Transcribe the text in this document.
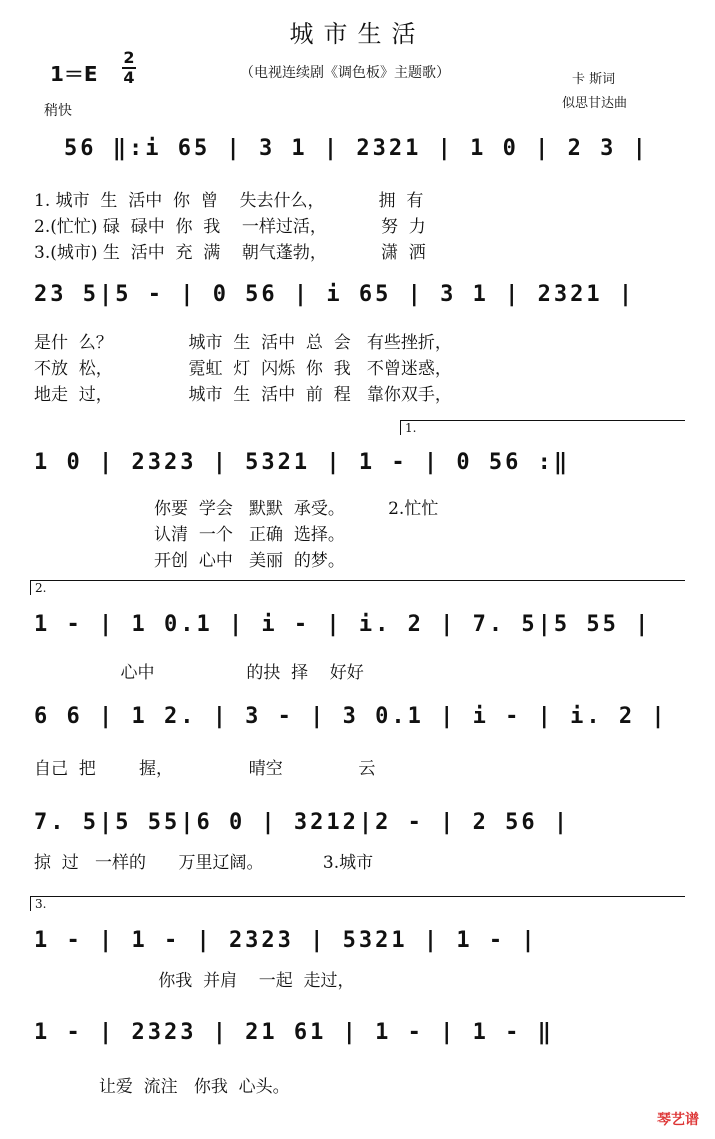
城市生活
1＝E
2
4	（电视连续剧《调色板》主题歌）	卡 斯词
似思甘达曲
稍快
56 ‖:i 65 | 3 1 | 2321 | 1 0 | 2 3 |
1. 城市  生  活中  你  曾    失去什么，          拥  有
2.(忙忙) 碌  碌中  你  我    一样过活，          努  力
3.(城市) 生  活中  充  满    朝气蓬勃，          潇  洒
23 5|5 - | 0 56 | i 65 | 3 1 | 2321 |
是什  么？              城市  生  活中  总  会   有些挫折，
不放  松，              霓虹  灯  闪烁  你  我   不曾迷惑，
地走  过，              城市  生  活中  前  程   靠你双手，
1.
1 0 | 2323 | 5321 | 1 - | 0 56 :‖
你要  学会   默默  承受。        2.忙忙
认清  一个   正确  选择。
开创  心中   美丽  的梦。
2.
1 - | 1 0.1 | i - | i. 2 | 7. 5|5 55 |
心中                 的抉  择    好好
6 6 | 1 2. | 3 - | 3 0.1 | i - | i. 2 |
自己  把        握，              晴空              云
7. 5|5 55|6 0 | 3212|2 - | 2 56 |
掠  过   一样的      万里辽阔。           3.城市
3.
1 - | 1 - | 2323 | 5321 | 1 - |
你我  并肩    一起  走过，
1 - | 2323 | 21 61 | 1 - | 1 - ‖
让爱  流注   你我  心头。
琴艺谱
